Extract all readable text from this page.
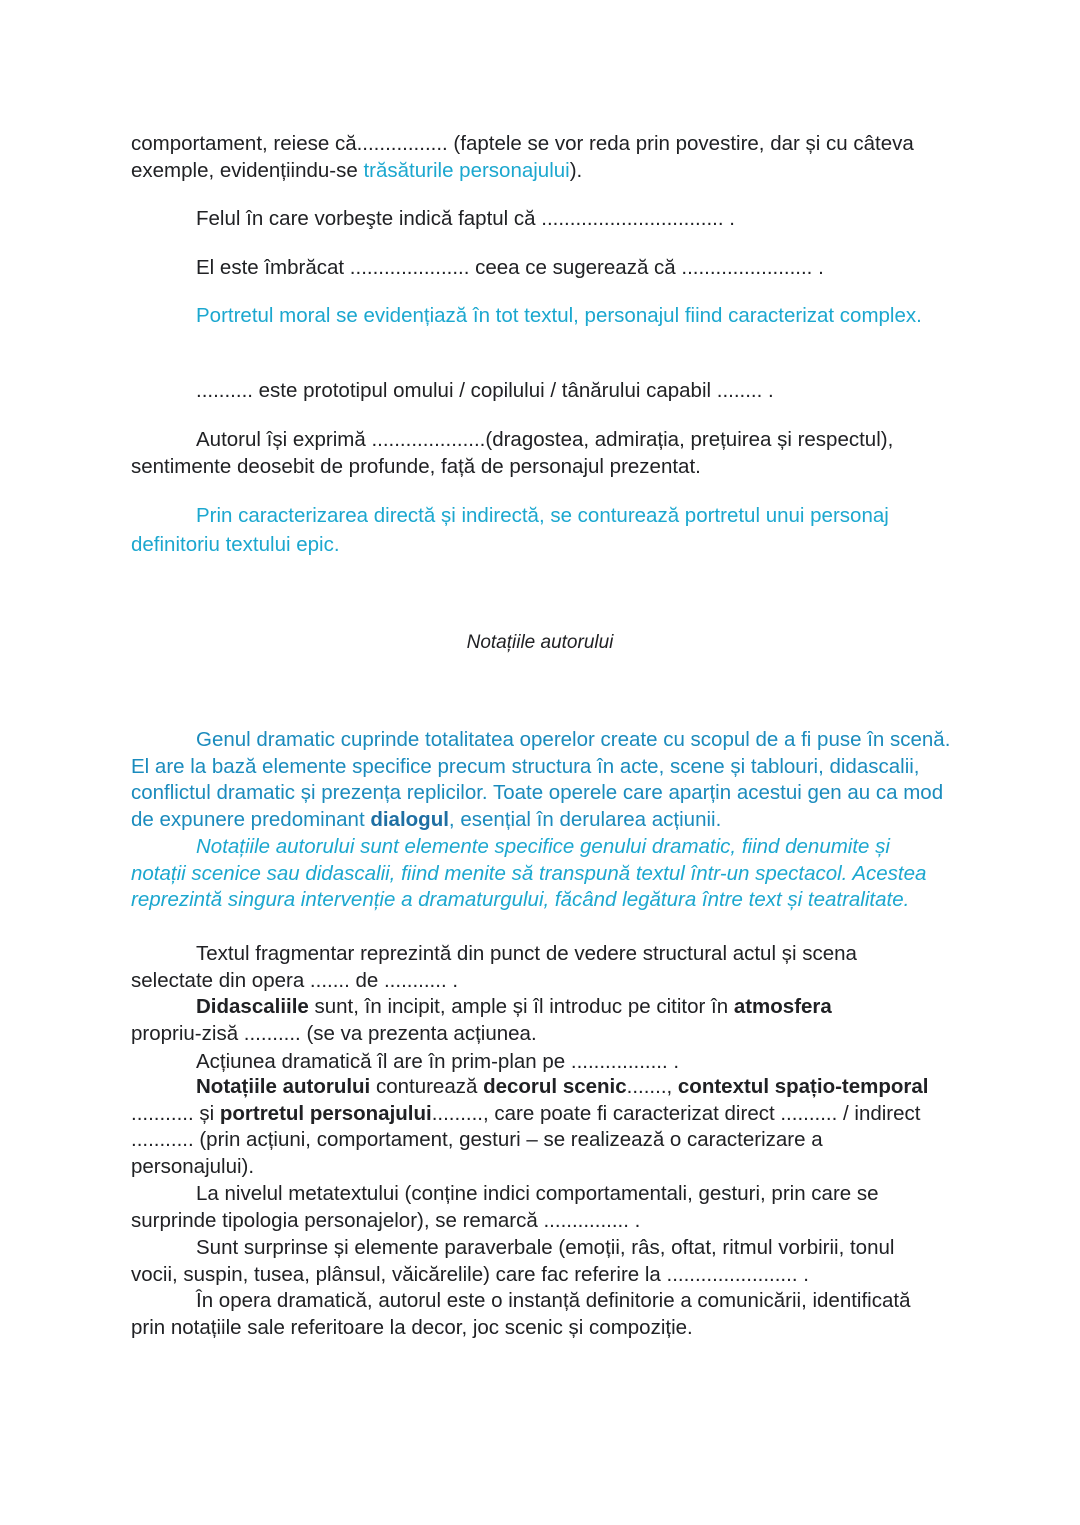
comportament, reiese că................ (faptele se vor reda prin povestire, dar și cu câteva exemple, evidențiindu-se trăsăturile personajului).

Felul în care vorbeşte indică faptul că ................................ .

El este îmbrăcat ..................... ceea ce sugerează că ....................... .

Portretul moral se evidențiază în tot textul, personajul fiind caracterizat complex.

.......... este prototipul omului / copilului / tânărului capabil ........ .

Autorul își exprimă ....................(dragostea, admirația, prețuirea și respectul), sentimente deosebit de profunde, față de personajul prezentat.

Prin caracterizarea directă și indirectă, se conturează portretul unui personaj definitoriu textului epic.

Notațiile autorului

Genul dramatic cuprinde totalitatea operelor create cu scopul de a fi puse în scenă. El are la bază elemente specifice precum structura în acte, scene și tablouri, didascalii, conflictul dramatic și prezența replicilor. Toate operele care aparțin acestui gen au ca mod de expunere predominant dialogul, esențial în derularea acțiunii.

Notațiile autorului sunt elemente specifice genului dramatic, fiind denumite și notații scenice sau didascalii, fiind menite să transpună textul într-un spectacol. Acestea reprezintă singura intervenție a dramaturgului, făcând legătura între text și teatralitate.

Textul fragmentar reprezintă din punct de vedere structural actul și scena selectate din opera ....... de ........... .

Didascaliile sunt, în incipit, ample și îl introduc pe cititor în atmosfera propriu-zisă .......... (se va prezenta acțiunea.

Acțiunea dramatică îl are în prim-plan pe ................. .

Notațiile autorului conturează decorul scenic......., contextul spațio-temporal ........... și portretul personajului........., care poate fi caracterizat direct .......... / indirect ........... (prin acțiuni, comportament, gesturi – se realizează o caracterizare a personajului).

La nivelul metatextului (conține indici comportamentali, gesturi, prin care se surprinde tipologia personajelor), se remarcă ............... .

Sunt surprinse și elemente paraverbale (emoții, râs, oftat, ritmul vorbirii, tonul vocii, suspin, tusea, plânsul, văicărelile) care fac referire la ....................... .

În opera dramatică, autorul este o instanță definitorie a comunicării, identificată prin notațiile sale referitoare la decor, joc scenic și compoziție.
